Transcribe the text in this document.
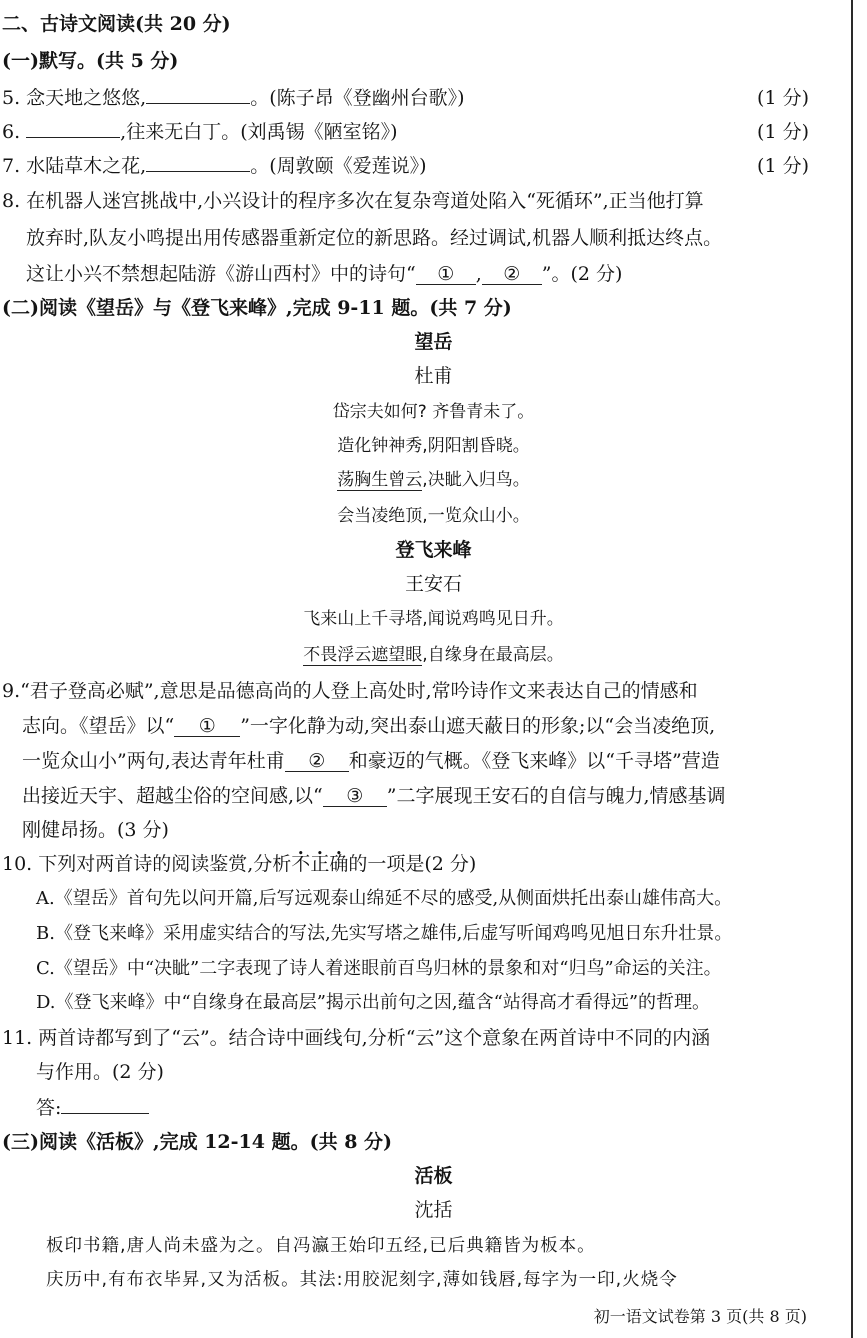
二、古诗文阅读(共 20 分)
(一)默写。(共 5 分)
5. 念天地之悠悠,	。(陈子昂《登幽州台歌》)	(1 分)
6.	,往来无白丁。(刘禹锡《陋室铭》)	(1 分)
7. 水陆草木之花,	。(周敦颐《爱莲说》)	(1 分)
8. 在机器人迷宫挑战中,小兴设计的程序多次在复杂弯道处陷入“死循环”,正当他打算
放弃时,队友小鸣提出用传感器重新定位的新思路。经过调试,机器人顺利抵达终点。
这让小兴不禁想起陆游《游山西村》中的诗句“ ① , ② ”。(2 分)
(二)阅读《望岳》与《登飞来峰》,完成 9-11 题。(共 7 分)
望岳
杜甫
岱宗夫如何? 齐鲁青未了。
造化钟神秀,阴阳割昏晓。
荡胸生曾云,决眦入归鸟。
会当凌绝顶,一览众山小。
登飞来峰
王安石
飞来山上千寻塔,闻说鸡鸣见日升。
不畏浮云遮望眼,自缘身在最高层。
9.“君子登高必赋”,意思是品德高尚的人登上高处时,常吟诗作文来表达自己的情感和
志向。《望岳》以“ ① ”一字化静为动,突出泰山遮天蔽日的形象;以“会当凌绝顶,
一览众山小”两句,表达青年杜甫 ② 和豪迈的气概。《登飞来峰》以“千寻塔”营造
出接近天宇、超越尘俗的空间感,以“ ③ ”二字展现王安石的自信与魄力,情感基调
刚健昂扬。(3 分)
10. 下列对两首诗的阅读鉴赏,分析不正确的一项是(2 分)
A.《望岳》首句先以问开篇,后写远观泰山绵延不尽的感受,从侧面烘托出泰山雄伟高大。
B.《登飞来峰》采用虚实结合的写法,先实写塔之雄伟,后虚写听闻鸡鸣见旭日东升壮景。
C.《望岳》中“决眦”二字表现了诗人着迷眼前百鸟归林的景象和对“归鸟”命运的关注。
D.《登飞来峰》中“自缘身在最高层”揭示出前句之因,蕴含“站得高才看得远”的哲理。
11. 两首诗都写到了“云”。结合诗中画线句,分析“云”这个意象在两首诗中不同的内涵
与作用。(2 分)
答:
(三)阅读《活板》,完成 12-14 题。(共 8 分)
活板
沈括
板印书籍,唐人尚未盛为之。自冯瀛王始印五经,已后典籍皆为板本。
庆历中,有布衣毕昇,又为活板。其法:用胶泥刻字,薄如钱唇,每字为一印,火烧令
初一语文试卷第 3 页(共 8 页)
